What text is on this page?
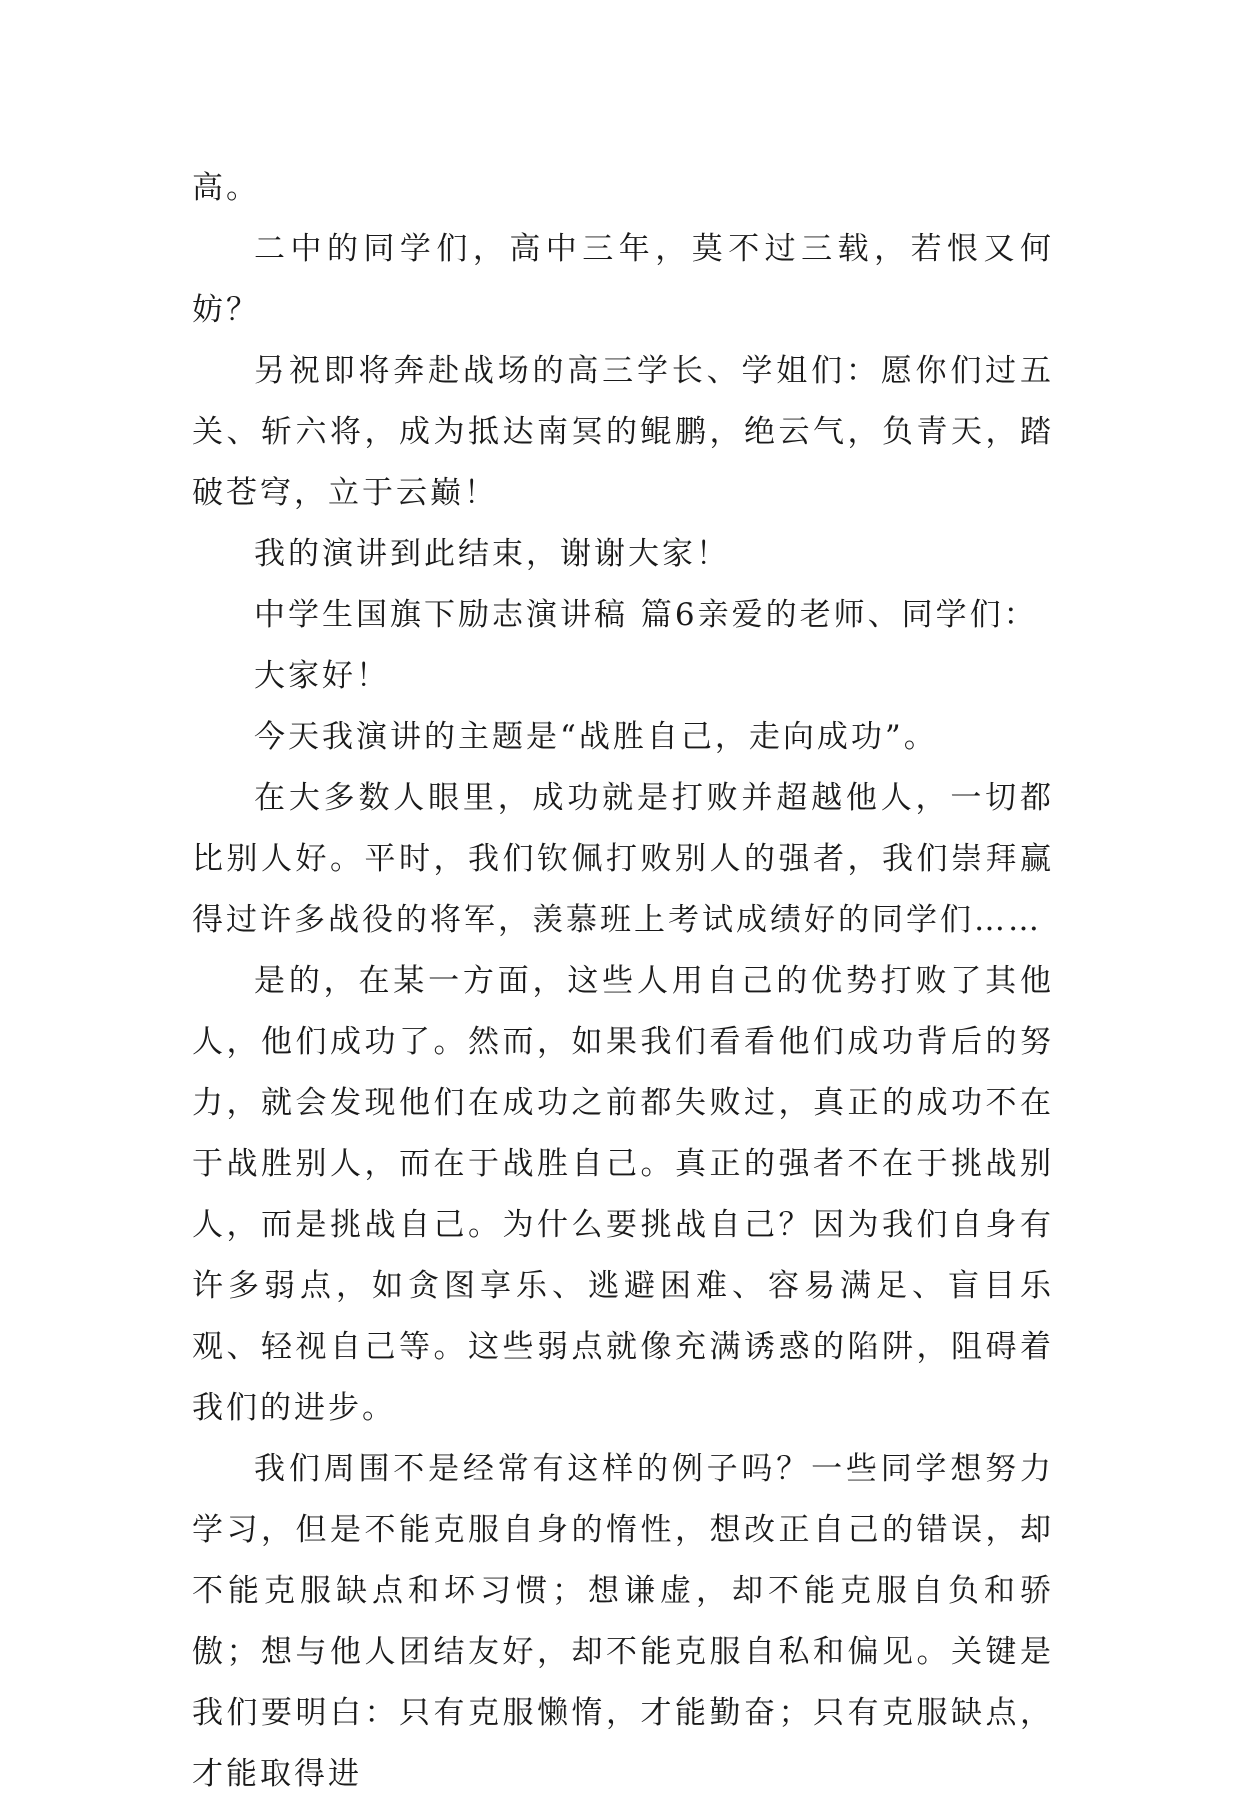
高。

二中的同学们，高中三年，莫不过三载，若恨又何妨？

另祝即将奔赴战场的高三学长、学姐们：愿你们过五关、斩六将，成为抵达南冥的鲲鹏，绝云气，负青天，踏破苍穹，立于云巅！

我的演讲到此结束，谢谢大家！

中学生国旗下励志演讲稿 篇6亲爱的老师、同学们：

大家好！

今天我演讲的主题是“战胜自己，走向成功”。

在大多数人眼里，成功就是打败并超越他人，一切都比别人好。平时，我们钦佩打败别人的强者，我们崇拜赢得过许多战役的将军，羡慕班上考试成绩好的同学们……

是的，在某一方面，这些人用自己的优势打败了其他人，他们成功了。然而，如果我们看看他们成功背后的努力，就会发现他们在成功之前都失败过，真正的成功不在于战胜别人，而在于战胜自己。真正的强者不在于挑战别人，而是挑战自己。为什么要挑战自己？因为我们自身有许多弱点，如贪图享乐、逃避困难、容易满足、盲目乐观、轻视自己等。这些弱点就像充满诱惑的陷阱，阻碍着我们的进步。

我们周围不是经常有这样的例子吗？一些同学想努力学习，但是不能克服自身的惰性，想改正自己的错误，却不能克服缺点和坏习惯；想谦虚，却不能克服自负和骄傲；想与他人团结友好，却不能克服自私和偏见。关键是我们要明白：只有克服懒惰，才能勤奋；只有克服缺点，才能取得进
